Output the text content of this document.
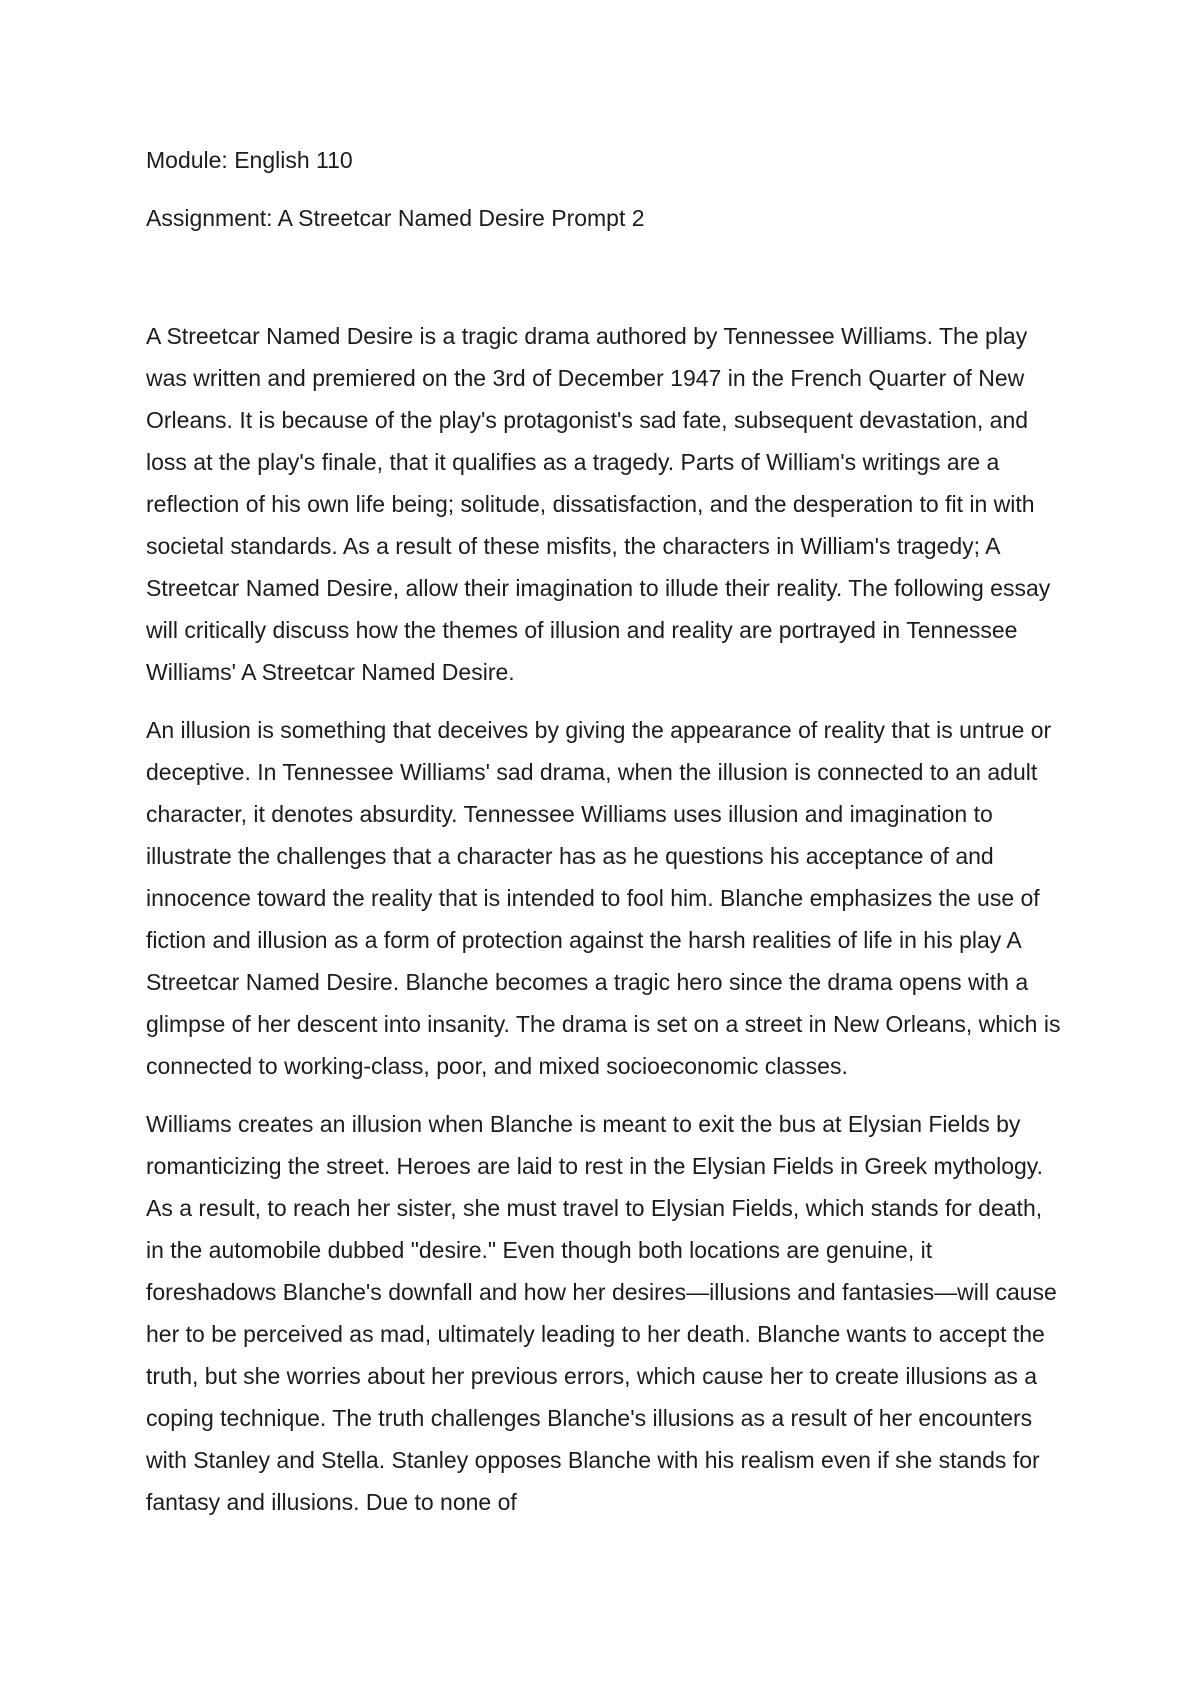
Module: English 110

Assignment: A Streetcar Named Desire Prompt 2

A Streetcar Named Desire is a tragic drama authored by Tennessee Williams. The play was written and premiered on the 3rd of December 1947 in the French Quarter of New Orleans. It is because of the play's protagonist's sad fate, subsequent devastation, and loss at the play's finale, that it qualifies as a tragedy. Parts of William's writings are a reflection of his own life being; solitude, dissatisfaction, and the desperation to fit in with societal standards. As a result of these misfits, the characters in William's tragedy; A Streetcar Named Desire, allow their imagination to illude their reality. The following essay will critically discuss how the themes of illusion and reality are portrayed in Tennessee Williams' A Streetcar Named Desire.

An illusion is something that deceives by giving the appearance of reality that is untrue or deceptive. In Tennessee Williams' sad drama, when the illusion is connected to an adult character, it denotes absurdity. Tennessee Williams uses illusion and imagination to illustrate the challenges that a character has as he questions his acceptance of and innocence toward the reality that is intended to fool him. Blanche emphasizes the use of fiction and illusion as a form of protection against the harsh realities of life in his play A Streetcar Named Desire. Blanche becomes a tragic hero since the drama opens with a glimpse of her descent into insanity. The drama is set on a street in New Orleans, which is connected to working-class, poor, and mixed socioeconomic classes.

Williams creates an illusion when Blanche is meant to exit the bus at Elysian Fields by romanticizing the street. Heroes are laid to rest in the Elysian Fields in Greek mythology. As a result, to reach her sister, she must travel to Elysian Fields, which stands for death, in the automobile dubbed "desire." Even though both locations are genuine, it foreshadows Blanche's downfall and how her desires—illusions and fantasies—will cause her to be perceived as mad, ultimately leading to her death. Blanche wants to accept the truth, but she worries about her previous errors, which cause her to create illusions as a coping technique. The truth challenges Blanche's illusions as a result of her encounters with Stanley and Stella. Stanley opposes Blanche with his realism even if she stands for fantasy and illusions. Due to none of
